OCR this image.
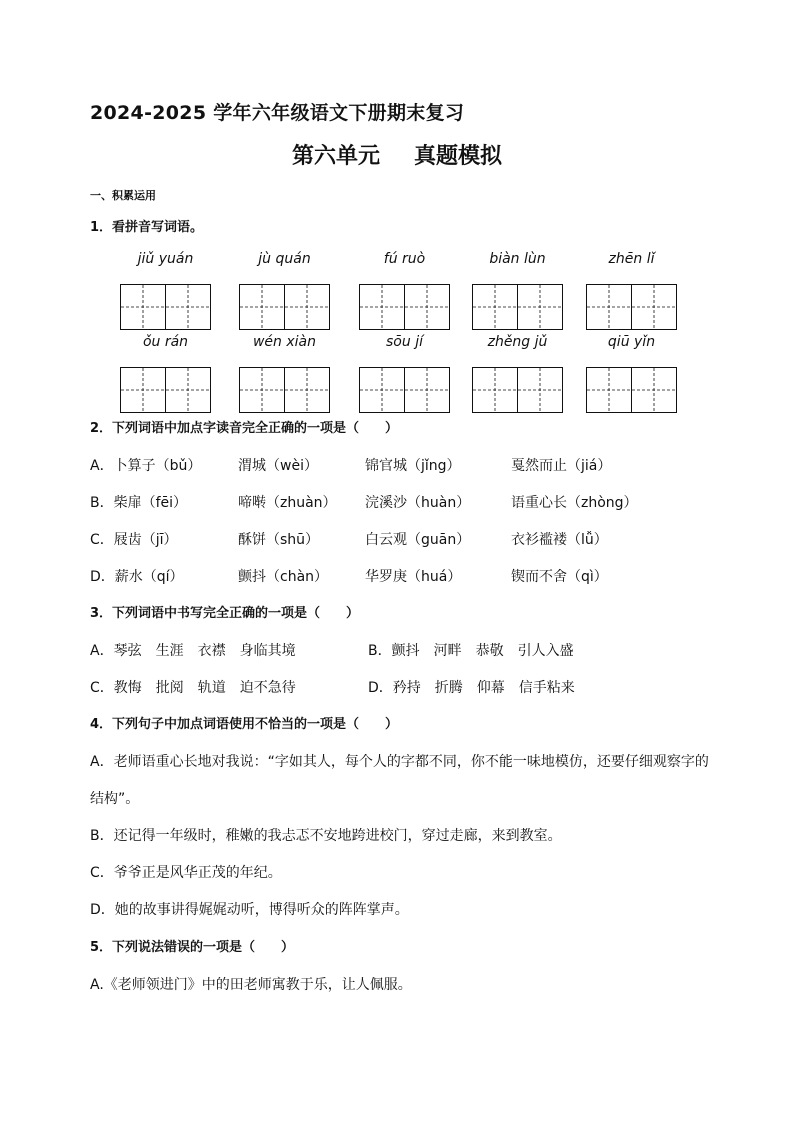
2024-2025 学年六年级语文下册期末复习
第六单元 真题模拟
一、积累运用
1．看拼音写词语。
jiǔ yuán	jù quán	fú ruò	biàn lùn	zhēn lǐ
ǒu rán	wén xiàn	sōu jí	zhěng jǔ	qiū yǐn
2．下列词语中加点字读音完全正确的一项是（　　）
A．卜算子（bǔ）	渭城（wèi）	锦官城（jǐng）	戛然而止（jiá）
B．柴扉（fēi）	啼啭（zhuàn） 浣溪沙（huàn）	语重心长（zhòng）
C．屐齿（jī）	酥饼（shū）	白云观（guān）	衣衫褴褛（lǚ）
D．薪水（qí）	颤抖（chàn）	华罗庚（huá）	锲而不舍（qì）
3．下列词语中书写完全正确的一项是（　　）
A．琴弦　生涯　衣襟　身临其境	B．颤抖　河畔　恭敬　引人入盛
C．教悔　批阅　轨道　迫不急待	D．矜持　折腾　仰幕　信手粘来
4．下列句子中加点词语使用不恰当的一项是（　　）
A．老师语重心长地对我说：“字如其人，每个人的字都不同，你不能一味地模仿，还要仔细观察字的
结构”。
B．还记得一年级时，稚嫩的我忐忑不安地跨进校门，穿过走廊，来到教室。
C．爷爷正是风华正茂的年纪。
D．她的故事讲得娓娓动听，博得听众的阵阵掌声。
5．下列说法错误的一项是（　　）
A.《老师领进门》中的田老师寓教于乐，让人佩服。
